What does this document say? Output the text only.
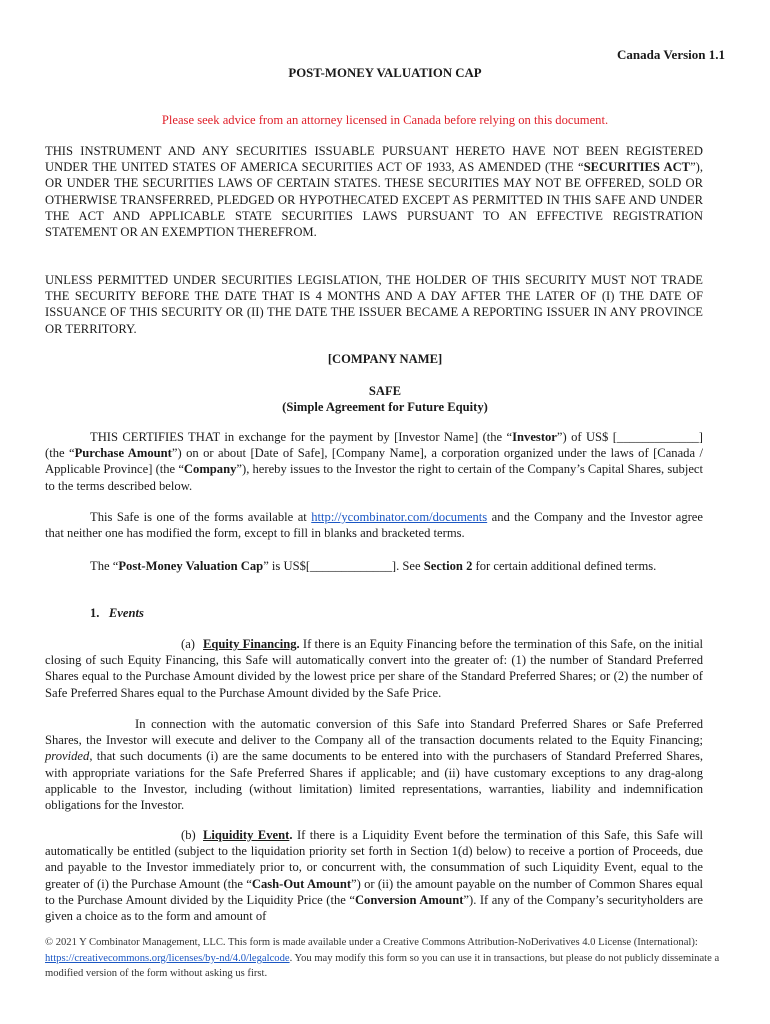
Canada Version 1.1
POST-MONEY VALUATION CAP
Please seek advice from an attorney licensed in Canada before relying on this document.
THIS INSTRUMENT AND ANY SECURITIES ISSUABLE PURSUANT HERETO HAVE NOT BEEN REGISTERED UNDER THE UNITED STATES OF AMERICA SECURITIES ACT OF 1933, AS AMENDED (THE “SECURITIES ACT”), OR UNDER THE SECURITIES LAWS OF CERTAIN STATES. THESE SECURITIES MAY NOT BE OFFERED, SOLD OR OTHERWISE TRANSFERRED, PLEDGED OR HYPOTHECATED EXCEPT AS PERMITTED IN THIS SAFE AND UNDER THE ACT AND APPLICABLE STATE SECURITIES LAWS PURSUANT TO AN EFFECTIVE REGISTRATION STATEMENT OR AN EXEMPTION THEREFROM.
UNLESS PERMITTED UNDER SECURITIES LEGISLATION, THE HOLDER OF THIS SECURITY MUST NOT TRADE THE SECURITY BEFORE THE DATE THAT IS 4 MONTHS AND A DAY AFTER THE LATER OF (I) THE DATE OF ISSUANCE OF THIS SECURITY OR (II) THE DATE THE ISSUER BECAME A REPORTING ISSUER IN ANY PROVINCE OR TERRITORY.
[COMPANY NAME]
SAFE
(Simple Agreement for Future Equity)
THIS CERTIFIES THAT in exchange for the payment by [Investor Name] (the “Investor”) of US$ [_____________] (the “Purchase Amount”) on or about [Date of Safe], [Company Name], a corporation organized under the laws of [Canada / Applicable Province] (the “Company”), hereby issues to the Investor the right to certain of the Company’s Capital Shares, subject to the terms described below.
This Safe is one of the forms available at http://ycombinator.com/documents and the Company and the Investor agree that neither one has modified the form, except to fill in blanks and bracketed terms.
The “Post-Money Valuation Cap” is US$[_____________]. See Section 2 for certain additional defined terms.
1. Events
(a) Equity Financing. If there is an Equity Financing before the termination of this Safe, on the initial closing of such Equity Financing, this Safe will automatically convert into the greater of: (1) the number of Standard Preferred Shares equal to the Purchase Amount divided by the lowest price per share of the Standard Preferred Shares; or (2) the number of Safe Preferred Shares equal to the Purchase Amount divided by the Safe Price.
In connection with the automatic conversion of this Safe into Standard Preferred Shares or Safe Preferred Shares, the Investor will execute and deliver to the Company all of the transaction documents related to the Equity Financing; provided, that such documents (i) are the same documents to be entered into with the purchasers of Standard Preferred Shares, with appropriate variations for the Safe Preferred Shares if applicable; and (ii) have customary exceptions to any drag-along applicable to the Investor, including (without limitation) limited representations, warranties, liability and indemnification obligations for the Investor.
(b) Liquidity Event. If there is a Liquidity Event before the termination of this Safe, this Safe will automatically be entitled (subject to the liquidation priority set forth in Section 1(d) below) to receive a portion of Proceeds, due and payable to the Investor immediately prior to, or concurrent with, the consummation of such Liquidity Event, equal to the greater of (i) the Purchase Amount (the “Cash-Out Amount”) or (ii) the amount payable on the number of Common Shares equal to the Purchase Amount divided by the Liquidity Price (the “Conversion Amount”). If any of the Company’s securityholders are given a choice as to the form and amount of
© 2021 Y Combinator Management, LLC. This form is made available under a Creative Commons Attribution-NoDerivatives 4.0 License (International): https://creativecommons.org/licenses/by-nd/4.0/legalcode. You may modify this form so you can use it in transactions, but please do not publicly disseminate a modified version of the form without asking us first.
